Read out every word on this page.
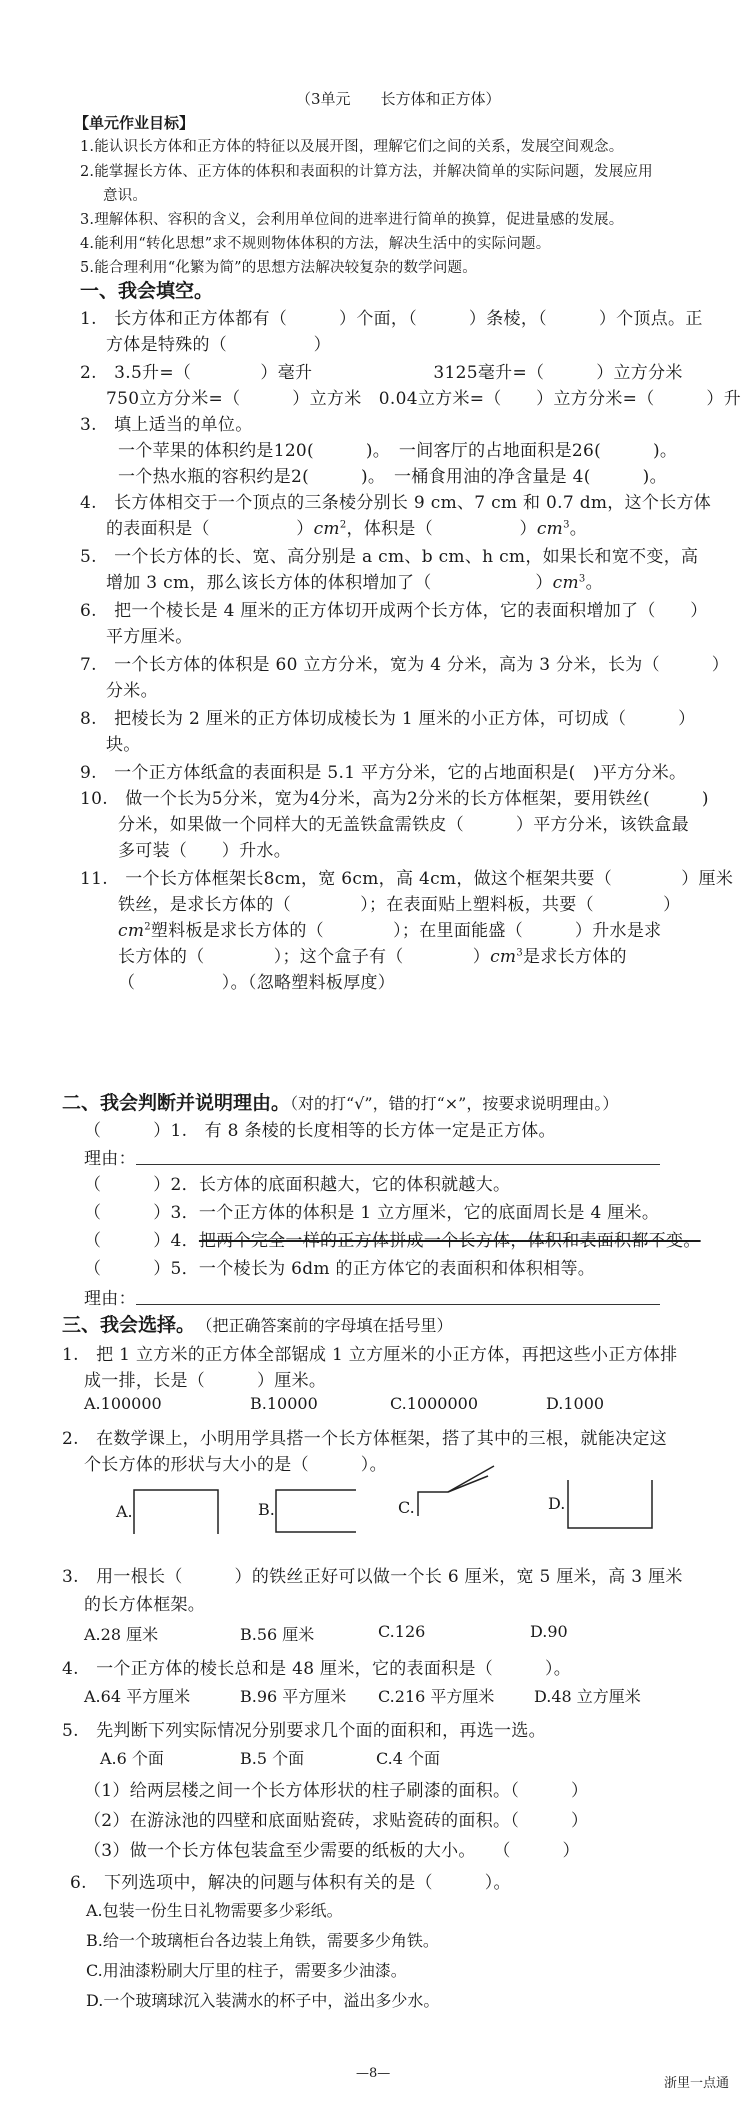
（3单元　　长方体和正方体）
【单元作业目标】
1.能认识长方体和正方体的特征以及展开图，理解它们之间的关系，发展空间观念。
2.能掌握长方体、正方体的体积和表面积的计算方法，并解决简单的实际问题，发展应用
意识。
3.理解体积、容积的含义，会利用单位间的进率进行简单的换算，促进量感的发展。
4.能利用“转化思想”求不规则物体体积的方法，解决生活中的实际问题。
5.能合理利用“化繁为简”的思想方法解决较复杂的数学问题。
一、我会填空。
1.　长方体和正方体都有（　　　）个面，（　　　）条棱，（　　　）个顶点。正
方体是特殊的（　　　　　）
2.　3.5升=（　　　　）毫升　　　　　　　3125毫升=（　　　）立方分米
750立方分米=（　　　）立方米　0.04立方米=（　　）立方分米=（　　　）升
3.　填上适当的单位。
一个苹果的体积约是120(　　　)。　一间客厅的占地面积是26(　　　)。
一个热水瓶的容积约是2(　　　)。　一桶食用油的净含量是 4(　　　)。
4.　长方体相交于一个顶点的三条棱分别长 9 cm、7 cm 和 0.7 dm，这个长方体
的表面积是（　　　　　）$cm^2$，体积是（　　　　　）$cm^3$。
5.　一个长方体的长、宽、高分别是 a cm、b cm、h cm，如果长和宽不变，高
增加 3 cm，那么该长方体的体积增加了（　　　　　　）$cm^3$。
6.　把一个棱长是 4 厘米的正方体切开成两个长方体，它的表面积增加了（　　）
平方厘米。
7.　一个长方体的体积是 60 立方分米，宽为 4 分米，高为 3 分米，长为（　　　）
分米。
8.　把棱长为 2 厘米的正方体切成棱长为 1 厘米的小正方体，可切成（　　　）
块。
9.　一个正方体纸盒的表面积是 5.1 平方分米，它的占地面积是(　)平方分米。
10.　做一个长为5分米，宽为4分米，高为2分米的长方体框架，要用铁丝(　　　)
分米，如果做一个同样大的无盖铁盒需铁皮（　　　）平方分米，该铁盒最
多可装（　　）升水。
11.　一个长方体框架长8cm，宽 6cm，高 4cm，做这个框架共要（　　　　）厘米
铁丝，是求长方体的（　　　　）；在表面贴上塑料板，共要（　　　　）
$cm^2$塑料板是求长方体的（　　　　）；在里面能盛（　　　）升水是求
长方体的（　　　　）；这个盒子有（　　　　）$cm^3$是求长方体的
（　　　　　）。（忽略塑料板厚度）
二、我会判断并说明理由。（对的打“√”，错的打“×”，按要求说明理由。）
（　　　）1.　有 8 条棱的长度相等的长方体一定是正方体。
理由：
（　　　）2．长方体的底面积越大，它的体积就越大。
（　　　）3．一个正方体的体积是 1 立方厘米，它的底面周长是 4 厘米。
（　　　）4．把两个完全一样的正方体拼成一个长方体，体积和表面积都不变。
（　　　）5．一个棱长为 6dm 的正方体它的表面积和体积相等。
理由：
三、我会选择。　 （把正确答案前的字母填在括号里）
1.　把 1 立方米的正方体全部锯成 1 立方厘米的小正方体，再把这些小正方体排
成一排，长是（　　　）厘米。
A.100000	B.10000	C.1000000	D.1000
2.　在数学课上，小明用学具搭一个长方体框架，搭了其中的三根，就能决定这
个长方体的形状与大小的是（　　　）。
A.	B.	C.	D.
3.　用一根长（　　　）的铁丝正好可以做一个长 6 厘米，宽 5 厘米，高 3 厘米
的长方体框架。
A.28 厘米	B.56 厘米	C.126	D.90
4.　一个正方体的棱长总和是 48 厘米，它的表面积是（　　　）。
A.64 平方厘米	B.96 平方厘米 C.216 平方厘米 D.48 立方厘米
5.　先判断下列实际情况分别要求几个面的面积和，再选一选。
A.6 个面	B.5 个面	C.4 个面
（1）给两层楼之间一个长方体形状的柱子刷漆的面积。（　　　）
（2）在游泳池的四壁和底面贴瓷砖，求贴瓷砖的面积。（　　　）
（3）做一个长方体包装盒至少需要的纸板的大小。　　（　　　）
6.　下列选项中，解决的问题与体积有关的是（　　　）。
A.包装一份生日礼物需要多少彩纸。
B.给一个玻璃柜台各边装上角铁，需要多少角铁。
C.用油漆粉刷大厅里的柱子，需要多少油漆。
D.一个玻璃球沉入装满水的杯子中，溢出多少水。
—8—
浙里一点通
